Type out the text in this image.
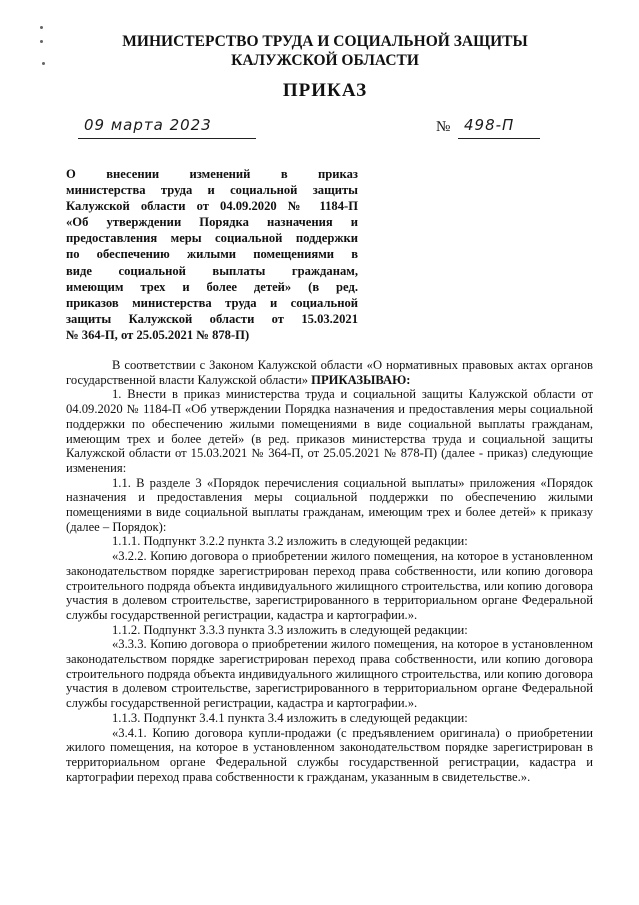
МИНИСТЕРСТВО ТРУДА И СОЦИАЛЬНОЙ ЗАЩИТЫ
КАЛУЖСКОЙ ОБЛАСТИ
ПРИКАЗ
09 марта 2023	№ 498-П
О внесении изменений в приказ
министерства труда и социальной защиты
Калужской области от 04.09.2020 № 1184-П
«Об утверждении Порядка назначения и
предоставления меры социальной поддержки
по обеспечению жилыми помещениями в
виде социальной выплаты гражданам,
имеющим трех и более детей» (в ред.
приказов министерства труда и социальной
защиты Калужской области от 15.03.2021
№ 364-П, от 25.05.2021 № 878-П)

В соответствии с Законом Калужской области «О нормативных правовых актах органов государственной власти Калужской области» ПРИКАЗЫВАЮ:

1. Внести в приказ министерства труда и социальной защиты Калужской области от 04.09.2020 № 1184-П «Об утверждении Порядка назначения и предоставления меры социальной поддержки по обеспечению жилыми помещениями в виде социальной выплаты гражданам, имеющим трех и более детей» (в ред. приказов министерства труда и социальной защиты Калужской области от 15.03.2021 № 364-П, от 25.05.2021 № 878-П) (далее - приказ) следующие изменения:

1.1. В разделе 3 «Порядок перечисления социальной выплаты» приложения «Порядок назначения и предоставления меры социальной поддержки по обеспечению жилыми помещениями в виде социальной выплаты гражданам, имеющим трех и более детей» к приказу (далее – Порядок):

1.1.1. Подпункт 3.2.2 пункта 3.2 изложить в следующей редакции:

«3.2.2. Копию договора о приобретении жилого помещения, на которое в установленном законодательством порядке зарегистрирован переход права собственности, или копию договора строительного подряда объекта индивидуального жилищного строительства, или копию договора участия в долевом строительстве, зарегистрированного в территориальном органе Федеральной службы государственной регистрации, кадастра и картографии.».

1.1.2. Подпункт 3.3.3 пункта 3.3 изложить в следующей редакции:

«3.3.3. Копию договора о приобретении жилого помещения, на которое в установленном законодательством порядке зарегистрирован переход права собственности, или копию договора строительного подряда объекта индивидуального жилищного строительства, или копию договора участия в долевом строительстве, зарегистрированного в территориальном органе Федеральной службы государственной регистрации, кадастра и картографии.».

1.1.3. Подпункт 3.4.1 пункта 3.4 изложить в следующей редакции:

«3.4.1. Копию договора купли-продажи (с предъявлением оригинала) о приобретении жилого помещения, на которое в установленном законодательством порядке зарегистрирован в территориальном органе Федеральной службы государственной регистрации, кадастра и картографии переход права собственности к гражданам, указанным в свидетельстве.».
